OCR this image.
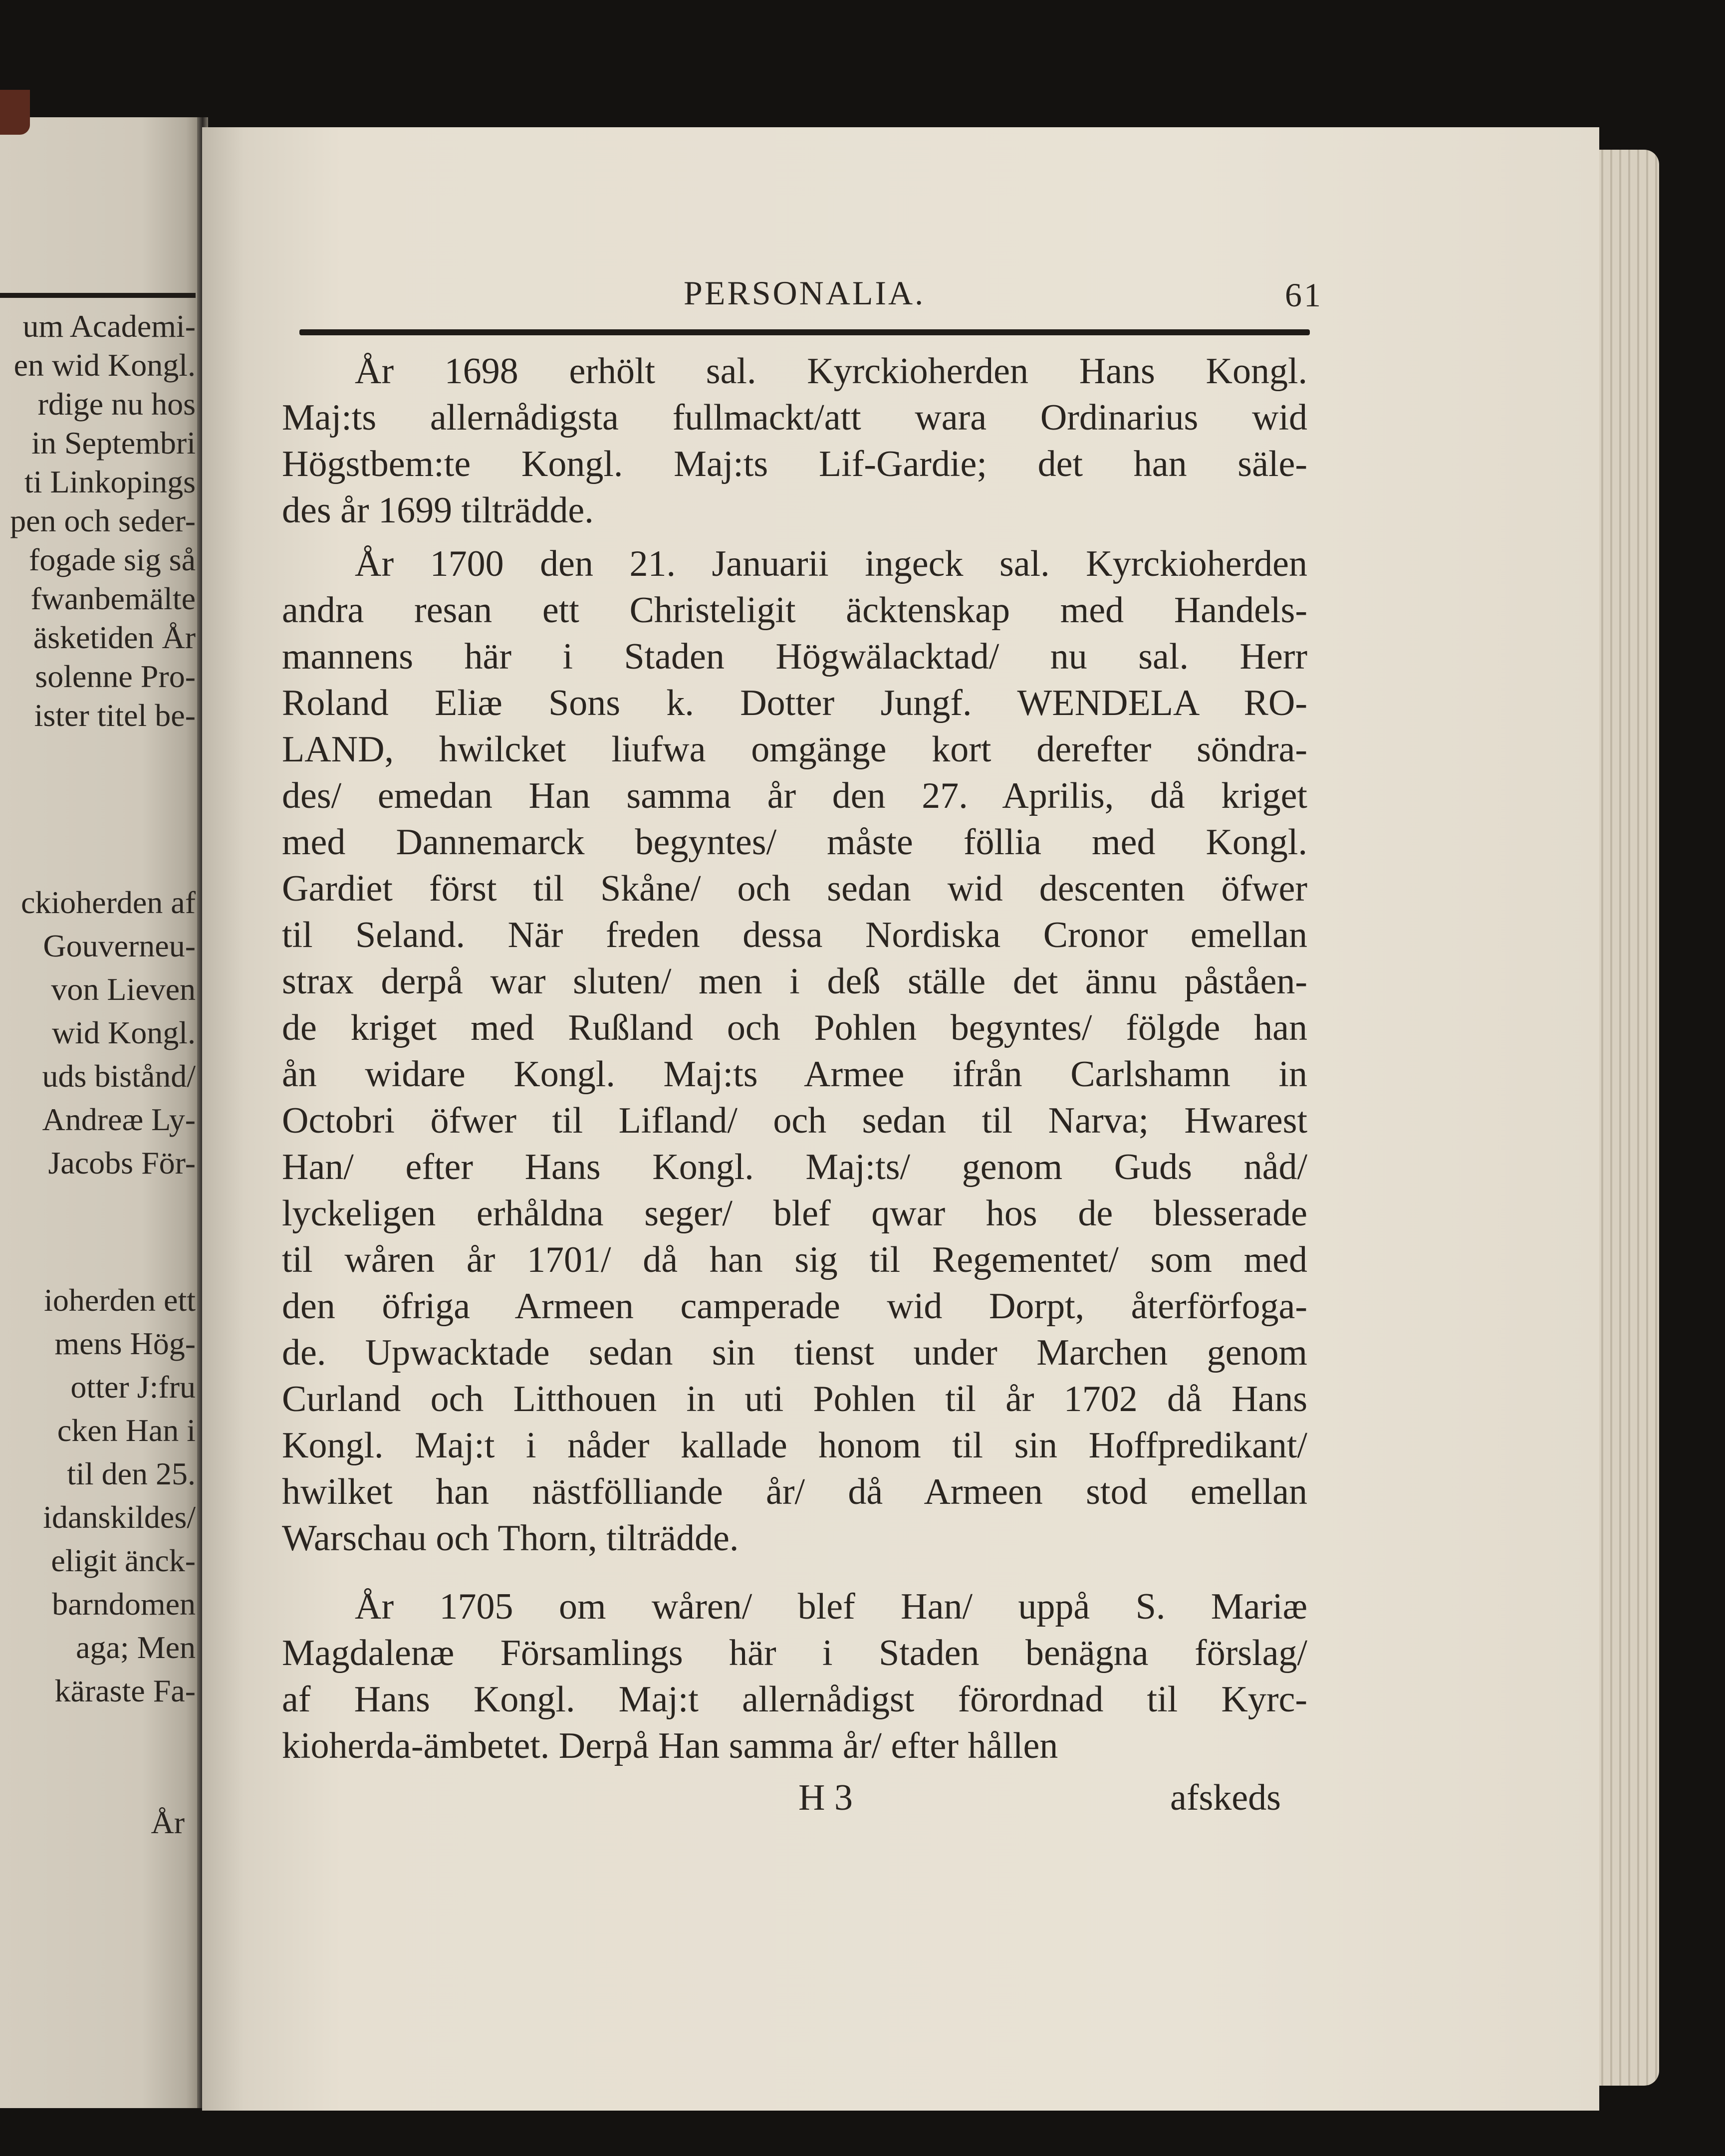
um Academi-
en wid Kongl.
rdige nu hos
in Septembri
ti Linkopings
pen och seder-
fogade sig så
fwanbemälte
äsketiden År
solenne Pro-
ister titel be-
ckioherden af
Gouverneu-
von Lieven
wid Kongl.
uds bistånd/
Andreæ Ly-
Jacobs För-
ioherden ett
mens Hög-
otter J:fru
cken Han i
til den 25.
idanskildes/
eligit änck-
barndomen
aga; Men
käraste Fa-
År
PERSONALIA.	61
År 1698 erhölt sal. Kyrckioherden Hans Kongl.
Maj:ts allernådigsta fullmackt/att wara Ordinarius wid
Högstbem:te Kongl. Maj:ts Lif-Gardie; det han säle-
des år 1699 tilträdde.
År 1700 den 21. Januarii ingeck sal. Kyrckioherden
andra resan ett Christeligit äcktenskap med Handels-
mannens här i Staden Högwälacktad/ nu sal. Herr
Roland Eliæ Sons k. Dotter Jungf. WENDELA RO-
LAND, hwilcket liufwa omgänge kort derefter söndra-
des/ emedan Han samma år den 27. Aprilis, då kriget
med Dannemarck begyntes/ måste föllia med Kongl.
Gardiet först til Skåne/ och sedan wid descenten öfwer
til Seland. När freden dessa Nordiska Cronor emellan
strax derpå war sluten/ men i deß ställe det ännu påståen-
de kriget med Rußland och Pohlen begyntes/ fölgde han
ån widare Kongl. Maj:ts Armee ifrån Carlshamn in
Octobri öfwer til Lifland/ och sedan til Narva; Hwarest
Han/ efter Hans Kongl. Maj:ts/ genom Guds nåd/
lyckeligen erhåldna seger/ blef qwar hos de blesserade
til wåren år 1701/ då han sig til Regementet/ som med
den öfriga Armeen camperade wid Dorpt, återförfoga-
de. Upwacktade sedan sin tienst under Marchen genom
Curland och Litthouen in uti Pohlen til år 1702 då Hans
Kongl. Maj:t i nåder kallade honom til sin Hoffpredikant/
hwilket han nästfölliande år/ då Armeen stod emellan
Warschau och Thorn, tilträdde.
År 1705 om wåren/ blef Han/ uppå S. Mariæ
Magdalenæ Församlings här i Staden benägna förslag/
af Hans Kongl. Maj:t allernådigst förordnad til Kyrc-
kioherda-ämbetet. Derpå Han samma år/ efter hållen
H 3	afskeds
